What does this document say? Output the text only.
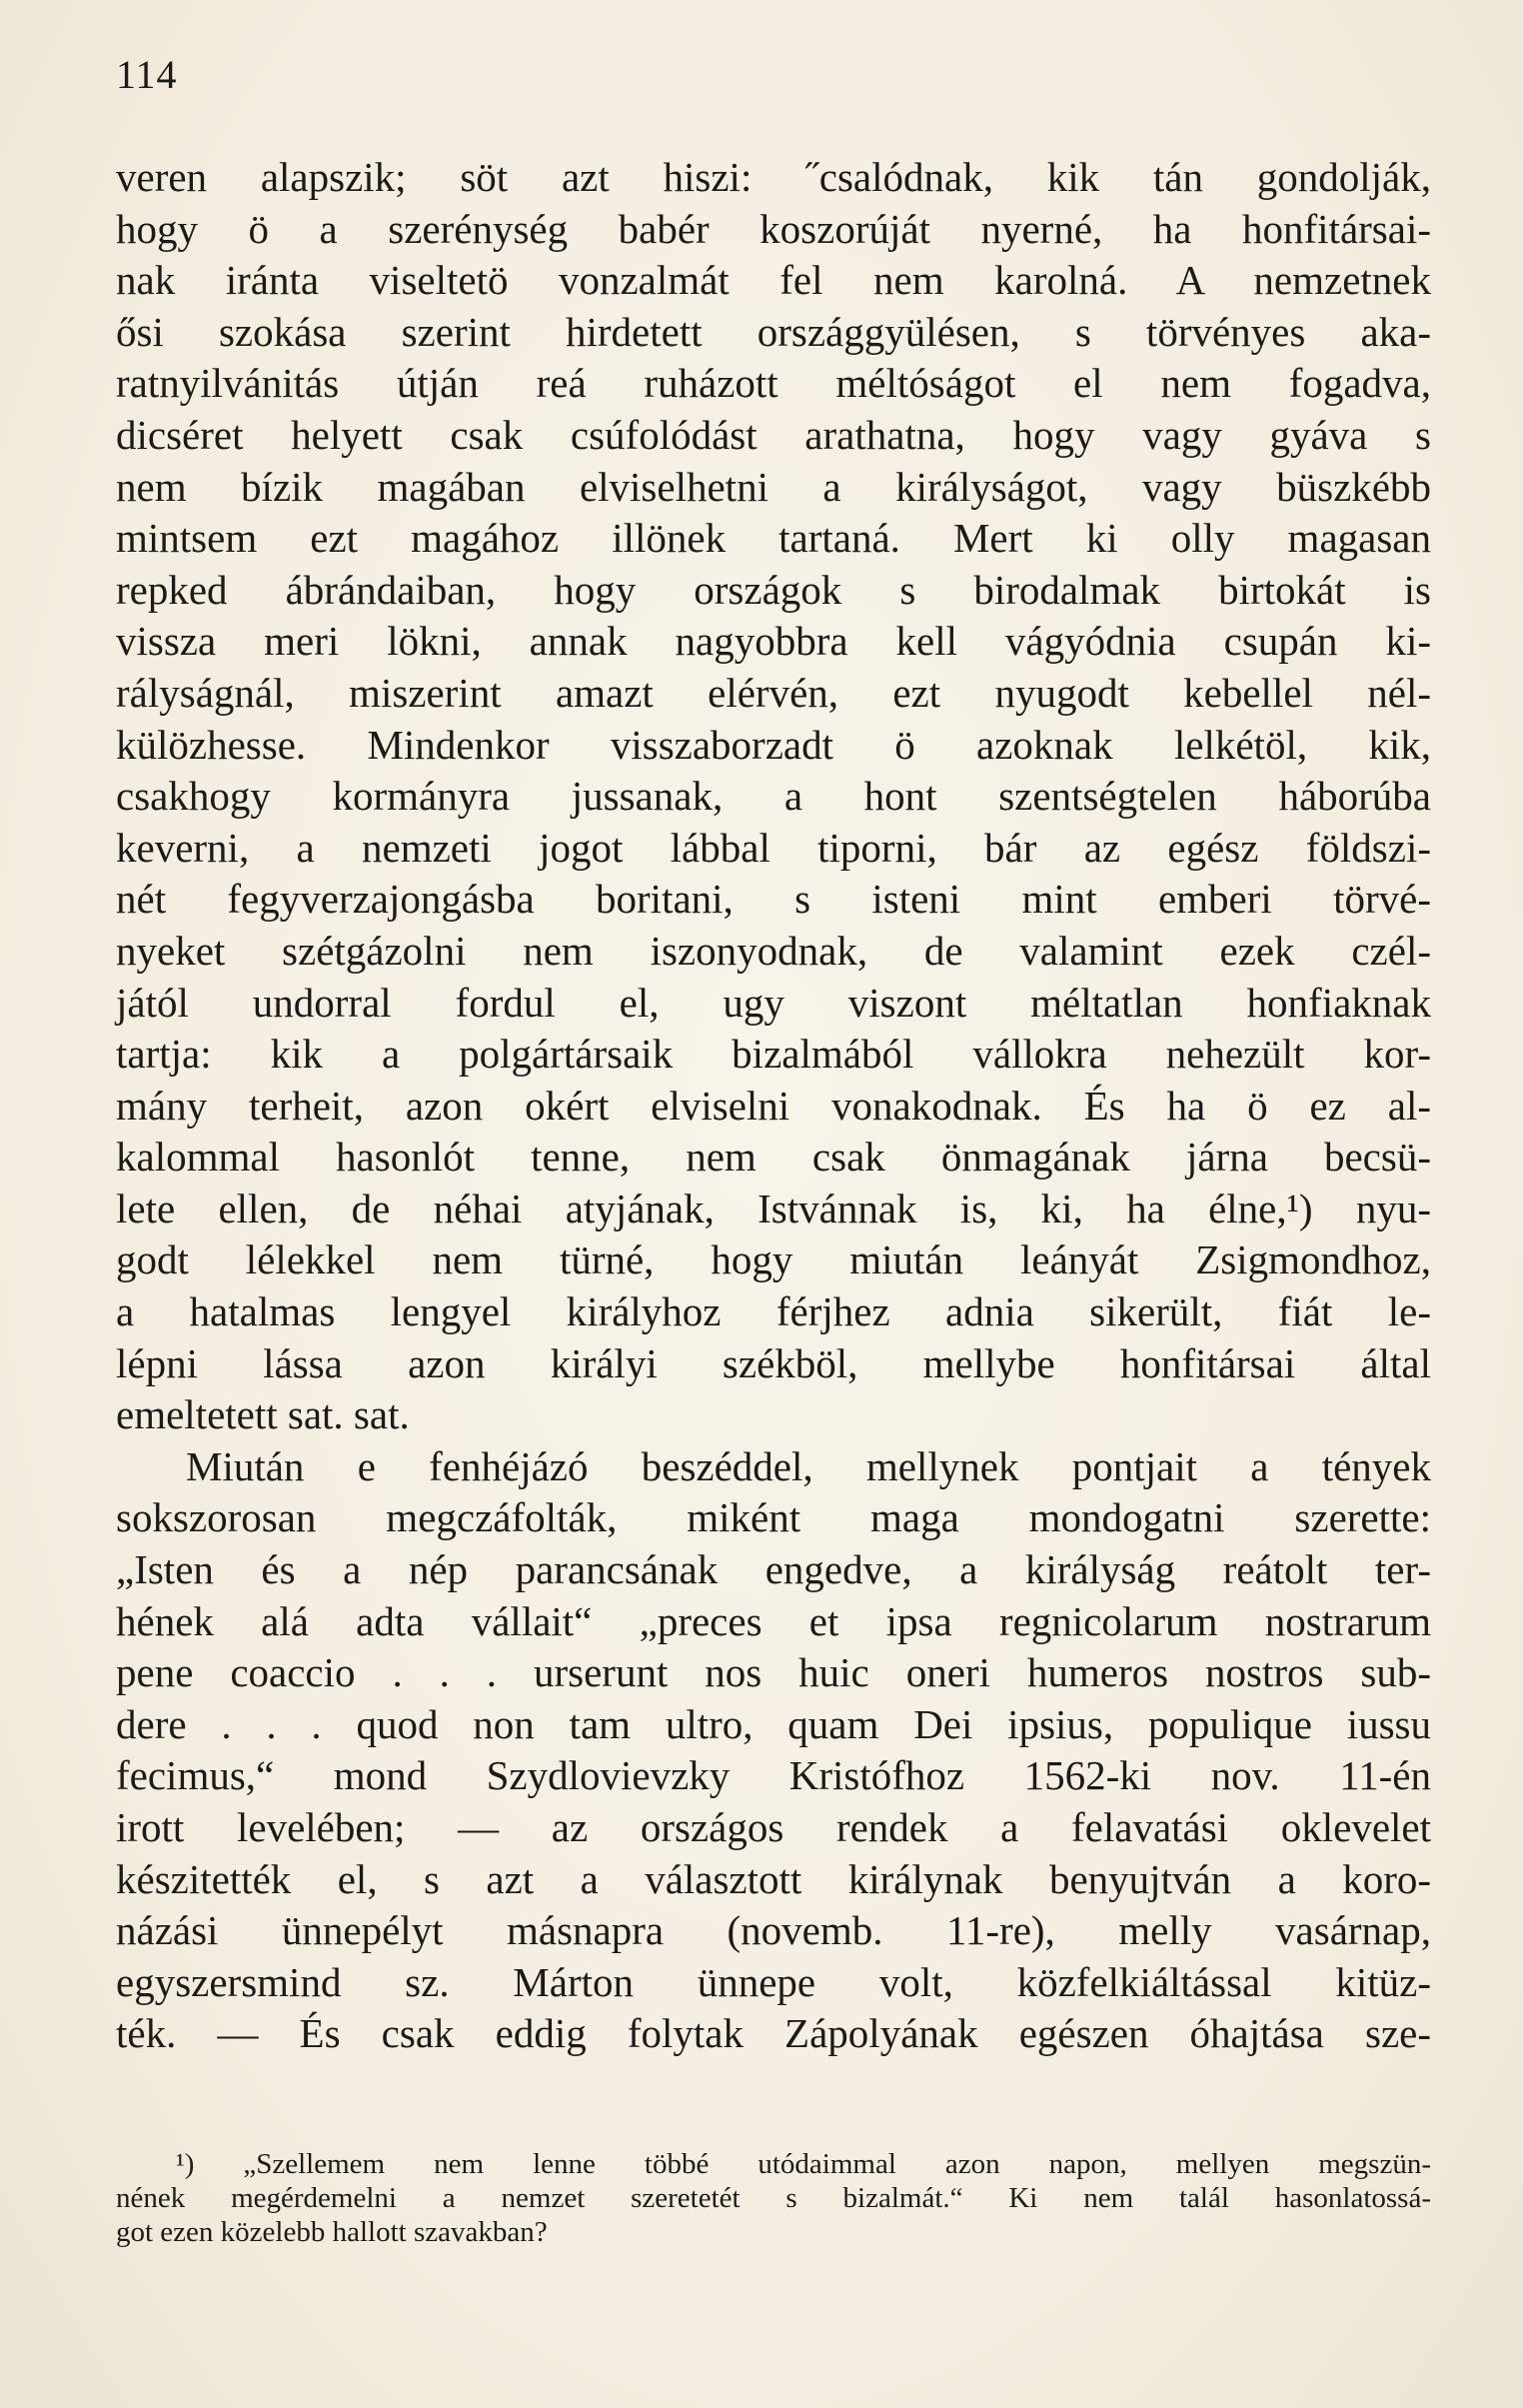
114
veren alapszik; söt azt hiszi: ˝csalódnak, kik tán gondolják,
hogy ö a szerénység babér koszorúját nyerné, ha honfitársai-
nak iránta viseltetö vonzalmát fel nem karolná. A nemzetnek
ősi szokása szerint hirdetett országgyülésen, s törvényes aka-
ratnyilvánitás útján reá ruházott méltóságot el nem fogadva,
dicséret helyett csak csúfolódást arathatna, hogy vagy gyáva s
nem bízik magában elviselhetni a királyságot, vagy büszkébb
mintsem ezt magához illönek tartaná. Mert ki olly magasan
repked ábrándaiban, hogy országok s birodalmak birtokát is
vissza meri lökni, annak nagyobbra kell vágyódnia csupán ki-
rályságnál, miszerint amazt elérvén, ezt nyugodt kebellel nél-
külözhesse. Mindenkor visszaborzadt ö azoknak lelkétöl, kik,
csakhogy kormányra jussanak, a hont szentségtelen háborúba
keverni, a nemzeti jogot lábbal tiporni, bár az egész földszi-
nét fegyverzajongásba boritani, s isteni mint emberi törvé-
nyeket szétgázolni nem iszonyodnak, de valamint ezek czél-
jától undorral fordul el, ugy viszont méltatlan honfiaknak
tartja: kik a polgártársaik bizalmából vállokra nehezült kor-
mány terheit, azon okért elviselni vonakodnak. És ha ö ez al-
kalommal hasonlót tenne, nem csak önmagának járna becsü-
lete ellen, de néhai atyjának, Istvánnak is, ki, ha élne,¹) nyu-
godt lélekkel nem türné, hogy miután leányát Zsigmondhoz,
a hatalmas lengyel királyhoz férjhez adnia sikerült, fiát le-
lépni lássa azon királyi székböl, mellybe honfitársai által
emeltetett sat. sat.
Miután e fenhéjázó beszéddel, mellynek pontjait a tények
sokszorosan megczáfolták, miként maga mondogatni szerette:
„Isten és a nép parancsának engedve, a királyság reátolt ter-
hének alá adta vállait“ „preces et ipsa regnicolarum nostrarum
pene coaccio . . . urserunt nos huic oneri humeros nostros sub-
dere . . . quod non tam ultro, quam Dei ipsius, populique iussu
fecimus,“ mond Szydlovievzky Kristófhoz 1562-ki nov. 11-én
irott levelében; — az országos rendek a felavatási oklevelet
készitették el, s azt a választott királynak benyujtván a koro-
názási ünnepélyt másnapra (novemb. 11-re), melly vasárnap,
egyszersmind sz. Márton ünnepe volt, közfelkiáltással kitüz-
ték. — És csak eddig folytak Zápolyának egészen óhajtása sze-
¹) „Szellemem nem lenne többé utódaimmal azon napon, mellyen megszün-
nének megérdemelni a nemzet szeretetét s bizalmát.“ Ki nem talál hasonlatossá-
got ezen közelebb hallott szavakban?
